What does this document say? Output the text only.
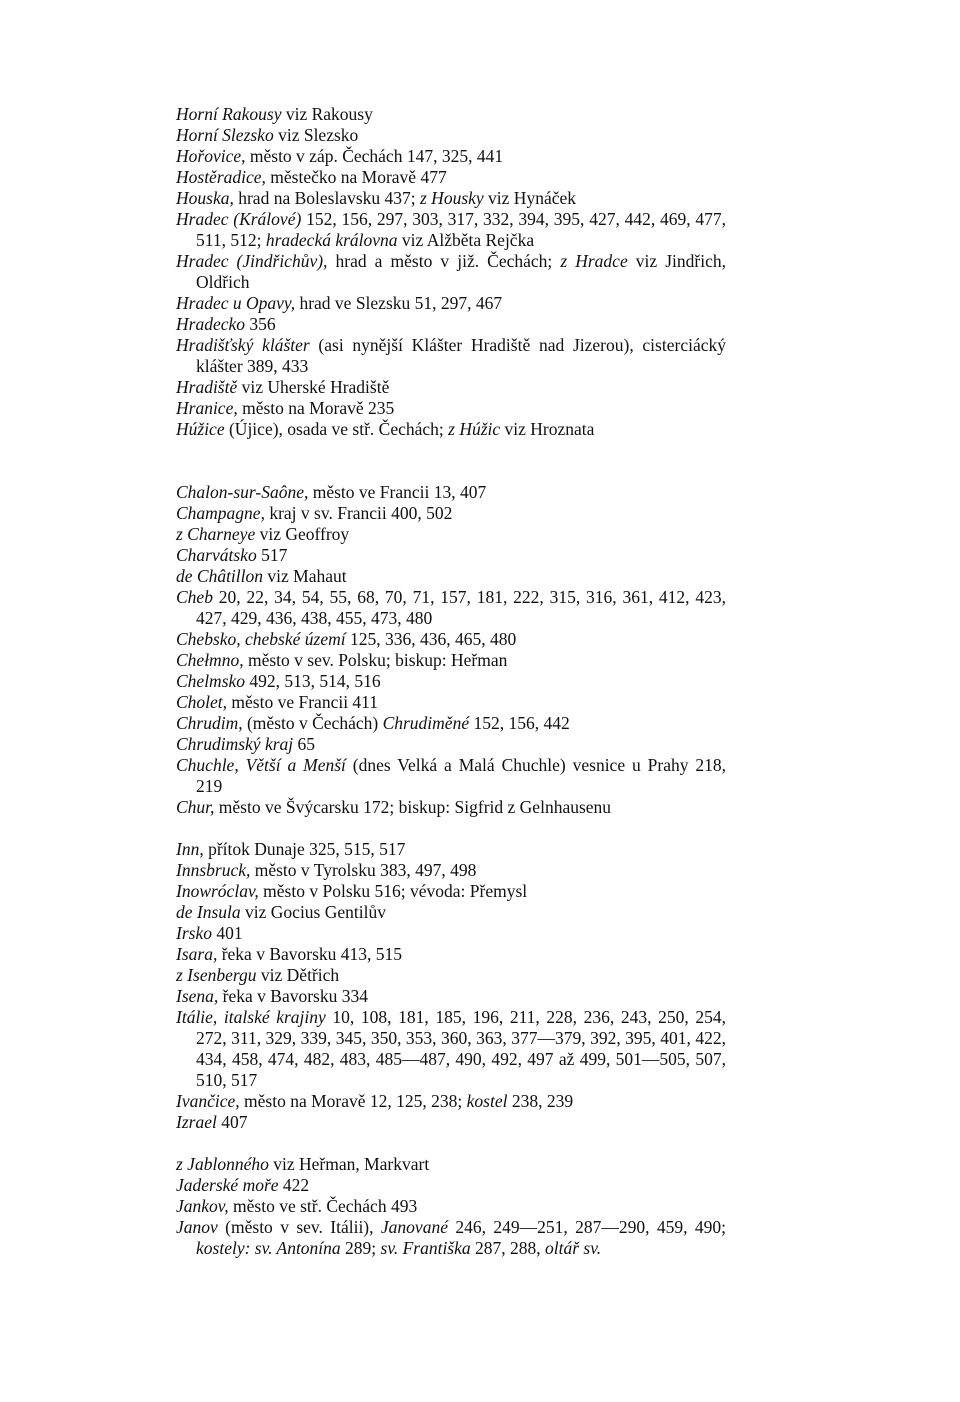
Horní Rakousy viz Rakousy

Horní Slezsko viz Slezsko

Hořovice, město v záp. Čechách 147, 325, 441

Hostěradice, městečko na Moravě 477

Houska, hrad na Boleslavsku 437; z Housky viz Hynáček

Hradec (Králové) 152, 156, 297, 303, 317, 332, 394, 395, 427, 442, 469, 477, 511, 512; hradecká královna viz Alžběta Rejčka

Hradec (Jindřichův), hrad a město v již. Čechách; z Hradce viz Jindřich, Oldřich

Hradec u Opavy, hrad ve Slezsku 51, 297, 467

Hradecko 356

Hradišťský klášter (asi nynější Klášter Hradiště nad Jizerou), cisterciácký klášter 389, 433

Hradiště viz Uherské Hradiště

Hranice, město na Moravě 235

Húžice (Újice), osada ve stř. Čechách; z Húžic viz Hroznata

Chalon-sur-Saône, město ve Francii 13, 407

Champagne, kraj v sv. Francii 400, 502

z Charneye viz Geoffroy

Charvátsko 517

de Châtillon viz Mahaut

Cheb 20, 22, 34, 54, 55, 68, 70, 71, 157, 181, 222, 315, 316, 361, 412, 423, 427, 429, 436, 438, 455, 473, 480

Chebsko, chebské území 125, 336, 436, 465, 480

Chełmno, město v sev. Polsku; biskup: Heřman

Chelmsko 492, 513, 514, 516

Cholet, město ve Francii 411

Chrudim, (město v Čechách) Chrudiměné 152, 156, 442

Chrudimský kraj 65

Chuchle, Větší a Menší (dnes Velká a Malá Chuchle) vesnice u Prahy 218, 219

Chur, město ve Švýcarsku 172; biskup: Sigfrid z Gelnhausenu

Inn, přítok Dunaje 325, 515, 517

Innsbruck, město v Tyrolsku 383, 497, 498

Inowróclav, město v Polsku 516; vévoda: Přemysl

de Insula viz Gocius Gentilův

Irsko 401

Isara, řeka v Bavorsku 413, 515

z Isenbergu viz Dětřich

Isena, řeka v Bavorsku 334

Itálie, italské krajiny 10, 108, 181, 185, 196, 211, 228, 236, 243, 250, 254, 272, 311, 329, 339, 345, 350, 353, 360, 363, 377—379, 392, 395, 401, 422, 434, 458, 474, 482, 483, 485—487, 490, 492, 497 až 499, 501—505, 507, 510, 517

Ivančice, město na Moravě 12, 125, 238; kostel 238, 239

Izrael 407

z Jablonného viz Heřman, Markvart

Jaderské moře 422

Jankov, město ve stř. Čechách 493

Janov (město v sev. Itálii), Janované 246, 249—251, 287—290, 459, 490; kostely: sv. Antonína 289; sv. Františka 287, 288, oltář sv.
